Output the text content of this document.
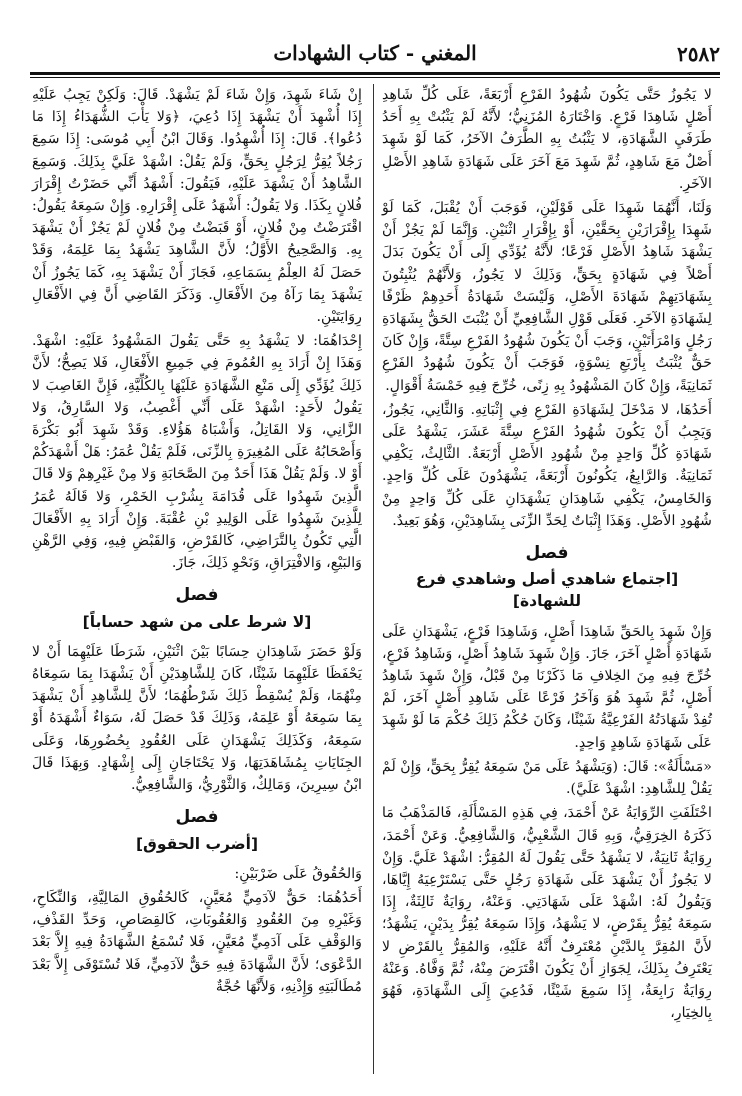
٢٥٨٢
المغني - كتاب الشهادات

لا يَجُوزُ حَتَّى يَكُونَ شُهُودُ الفَرْعِ أَرْبَعَةً، عَلَى كُلِّ شَاهِدِ أَصْلٍ شَاهِدَا فَرْعٍ. وَاخْتَارَهُ المُزَنِيُّ؛ لأَنَّهُ لَمْ يَثْبُتْ بِهِ أَحَدُ طَرَفَيِ الشَّهَادَةِ، لا يَثْبُتُ بِهِ الطَّرَفُ الآخَرُ، كَمَا لَوْ شَهِدَ أَصْلٌ مَعَ شَاهِدٍ، ثُمَّ شَهِدَ مَعَ آخَرَ عَلَى شَهَادَةِ شَاهِدِ الأَصْلِ الآخَرِ.

وَلَنَا، أَنَّهُمَا شَهِدَا عَلَى قَوْلَيْنِ، فَوَجَبَ أَنْ يُقْبَلَ، كَمَا لَوْ شَهِدَا بِإِقْرَارَيْنِ بِحَقَّيْنِ، أَوْ بِإِقْرَارِ اثْنَيْنِ. وَإِنَّمَا لَمْ يَجُزْ أَنْ يَشْهَدَ شَاهِدُ الأَصْلِ فَرْعًا؛ لأَنَّهُ يُؤَدِّي إِلَى أَنْ يَكُونَ بَدَلَ أَصْلاً فِي شَهَادَةٍ بِحَقٍّ، وَذَلِكَ لا يَجُوزُ، وَلأَنَّهُمْ يُثْبِتُونَ بِشَهَادَتِهِمْ شَهَادَةَ الأَصْلِ، وَلَيْسَتْ شَهَادَةُ أَحَدِهِمْ ظَرْفًا لِشَهَادَةِ الآخَرِ. فَعَلَى قَوْلِ الشَّافِعِيِّ أَنْ يُثْبَتَ الحَقُّ بِشَهَادَةِ رَجُلٍ وَامْرَأَتَيْنِ، وَجَبَ أَنْ يَكُونَ شُهُودُ الفَرْعِ سِتَّةً، وَإِنْ كَانَ حَقٌّ يُثْبَتُ بِأَرْبَعِ نِسْوَةٍ، فَوَجَبَ أَنْ يَكُونَ شُهُودُ الفَرْعِ ثَمَانِيَةً، وَإِنْ كَانَ المَشْهُودُ بِهِ زِنًى، خُرِّجَ فِيهِ خَمْسَةُ أَقْوَالٍ.

أَحَدُهَا، لا مَدْخَلَ لِشَهَادَةِ الفَرْعِ فِي إِثْبَاتِهِ. وَالثَّانِي، يَجُوزُ، وَيَجِبُ أَنْ يَكُونَ شُهُودُ الفَرْعِ سِتَّةَ عَشَرَ، يَشْهَدُ عَلَى شَهَادَةِ كُلِّ وَاحِدٍ مِنْ شُهُودِ الأَصْلِ أَرْبَعَةٌ. الثَّالِثُ، يَكْفِي ثَمَانِيَةٌ. وَالرَّابِعُ، يَكُونُونَ أَرْبَعَةً، يَشْهَدُونَ عَلَى كُلِّ وَاحِدٍ. وَالخَامِسُ، يَكْفِي شَاهِدَانِ يَشْهَدَانِ عَلَى كُلِّ وَاحِدٍ مِنْ شُهُودِ الأَصْلِ. وَهَذَا إِثْبَاتٌ لِحَدِّ الزِّنَى بِشَاهِدَيْنِ، وَهُوَ بَعِيدٌ.

فصل
[اجتماع شاهدي أصل وشاهدي فرع للشهادة]

وَإِنْ شَهِدَ بِالحَقِّ شَاهِدَا أَصْلٍ، وَشَاهِدَا فَرْعٍ، يَشْهَدَانِ عَلَى شَهَادَةِ أَصْلٍ آخَرَ، جَازَ. وَإِنْ شَهِدَ شَاهِدُ أَصْلٍ، وَشَاهِدُ فَرْعٍ، خُرِّجَ فِيهِ مِنَ الخِلافِ مَا ذَكَرْنَا مِنْ قَبْلُ، وَإِنْ شَهِدَ شَاهِدُ أَصْلٍ، ثُمَّ شَهِدَ هُوَ وَآخَرُ فَرْعًا عَلَى شَاهِدِ أَصْلٍ آخَرَ، لَمْ تُفِدْ شَهَادَتُهُ الفَرْعِيَّةُ شَيْئًا، وَكَانَ حُكْمُ ذَلِكَ حُكْمَ مَا لَوْ شَهِدَ عَلَى شَهَادَةِ شَاهِدٍ وَاحِدٍ.

«مَسْأَلَةٌ»: قَالَ: (وَيَشْهَدُ عَلَى مَنْ سَمِعَهُ يُقِرُّ بِحَقٍّ، وَإِنْ لَمْ يَقُلْ لِلشَّاهِدِ: اشْهَدْ عَلَيَّ).

اخْتَلَفَتِ الرِّوَايَةُ عَنْ أَحْمَدَ، فِي هَذِهِ المَسْأَلَةِ، فَالمَذْهَبُ مَا ذَكَرَهُ الخِرَقِيُّ، وَبِهِ قَالَ الشَّعْبِيُّ، وَالشَّافِعِيُّ. وَعَنْ أَحْمَدَ، رِوَايَةٌ ثَانِيَةٌ، لا يَشْهَدُ حَتَّى يَقُولَ لَهُ المُقِرُّ: اشْهَدْ عَلَيَّ. وَإِنْ لا يَجُوزُ أَنْ يَشْهَدَ عَلَى شَهَادَةِ رَجُلٍ حَتَّى يَسْتَرْعِيَهُ إِيَّاهَا، وَيَقُولُ لَهُ: اشْهَدْ عَلَى شَهَادَتِي. وَعَنْهُ، رِوَايَةٌ ثَالِثَةٌ، إِذَا سَمِعَهُ يُقِرُّ بِقَرْضٍ، لا يَشْهَدُ، وَإِذَا سَمِعَهُ يُقِرُّ بِدَيْنٍ، يَشْهَدُ؛ لأَنَّ المُقِرَّ بِالدَّيْنِ مُعْتَرِفٌ أَنَّهُ عَلَيْهِ، وَالمُقِرُّ بِالقَرْضِ لا يَعْتَرِفُ بِذَلِكَ، لِجَوَازِ أَنْ يَكُونَ اقْتَرَضَ مِنْهُ، ثُمَّ وَفَّاهُ. وَعَنْهُ رِوَايَةٌ رَابِعَةٌ، إِذَا سَمِعَ شَيْئًا، فَدُعِيَ إِلَى الشَّهَادَةِ، فَهُوَ بِالخِيَارِ،

إِنْ شَاءَ شَهِدَ، وَإِنْ شَاءَ لَمْ يَشْهَدْ. قَالَ: وَلَكِنْ يَجِبُ عَلَيْهِ إِذَا أُشْهِدَ أَنْ يَشْهَدَ إِذَا دُعِيَ، ﴿وَلا يَأْبَ الشُّهَدَاءُ إِذَا مَا دُعُوا﴾. قَالَ: إِذَا أُشْهِدُوا. وَقَالَ ابْنُ أَبِي مُوسَى: إِذَا سَمِعَ رَجُلاً يُقِرُّ لِرَجُلٍ بِحَقٍّ، وَلَمْ يَقُلْ: اشْهَدْ عَلَيَّ بِذَلِكَ. وَسَمِعَ الشَّاهِدُ أَنْ يَشْهَدَ عَلَيْهِ، فَيَقُولَ: أَشْهَدُ أَنِّي حَضَرْتُ إِقْرَارَ فُلانٍ بِكَذَا. وَلا يَقُولُ: أَشْهَدُ عَلَى إِقْرَارِهِ. وَإِنْ سَمِعَهُ يَقُولُ: اقْتَرَضْتُ مِنْ فُلانٍ، أَوْ قَبَضْتُ مِنْ فُلانٍ لَمْ يَجُزْ أَنْ يَشْهَدَ بِهِ. وَالصَّحِيحُ الأَوَّلُ؛ لأَنَّ الشَّاهِدَ يَشْهَدُ بِمَا عَلِمَهُ، وَقَدْ حَصَلَ لَهُ العِلْمُ بِسَمَاعِهِ، فَجَازَ أَنْ يَشْهَدَ بِهِ، كَمَا يَجُوزُ أَنْ يَشْهَدَ بِمَا رَآهُ مِنَ الأَفْعَالِ. وَذَكَرَ القَاضِي أَنَّ فِي الأَفْعَالِ رِوَايَتَيْنِ.

إِحْدَاهُمَا: لا يَشْهَدُ بِهِ حَتَّى يَقُولَ المَشْهُودُ عَلَيْهِ: اشْهَدْ. وَهَذَا إِنْ أَرَادَ بِهِ العُمُومَ فِي جَمِيعِ الأَفْعَالِ، فَلا يَصِحُّ؛ لأَنَّ ذَلِكَ يُؤَدِّي إِلَى مَنْعِ الشَّهَادَةِ عَلَيْهَا بِالكُلِّيَّةِ، فَإِنَّ الغَاصِبَ لا يَقُولُ لأَحَدٍ: اشْهَدْ عَلَى أَنِّي أَغْصِبُ، وَلا السَّارِقُ، وَلا الزَّانِي، وَلا القَاتِلُ، وَأَشْبَاهُ هَؤُلاءِ. وَقَدْ شَهِدَ أَبُو بَكْرَةَ وَأَصْحَابُهُ عَلَى المُغِيرَةِ بِالزِّنَى، فَلَمْ يَقُلْ عُمَرُ: هَلْ أَشْهَدَكُمْ أَوْ لا. وَلَمْ يَقُلْ هَذَا أَحَدٌ مِنَ الصَّحَابَةِ وَلا مِنْ غَيْرِهِمْ وَلا قَالَ الَّذِينَ شَهِدُوا عَلَى قُدَامَةَ بِشُرْبِ الخَمْرِ، وَلا قَالَهُ عُمَرُ لِلَّذِينَ شَهِدُوا عَلَى الوَلِيدِ بْنِ عُقْبَةَ. وَإِنْ أَرَادَ بِهِ الأَفْعَالَ الَّتِي تَكُونُ بِالتَّرَاضِي، كَالقَرْضِ، وَالقَبْضِ فِيهِ، وَفِي الرَّهْنِ وَالبَيْعِ، وَالافْتِرَاقِ، وَنَحْوِ ذَلِكَ، جَازَ.

فصل
[لا شرط على من شهد حساباً]

وَلَوْ حَضَرَ شَاهِدَانِ حِسَابًا بَيْنَ اثْنَيْنِ، شَرَطَا عَلَيْهِمَا أَنْ لا يَحْفَظَا عَلَيْهِمَا شَيْئًا، كَانَ لِلشَّاهِدَيْنِ أَنْ يَشْهَدَا بِمَا سَمِعَاهُ مِنْهُمَا، وَلَمْ يُسْقِطْ ذَلِكَ شَرْطُهُمَا؛ لأَنَّ لِلشَّاهِدِ أَنْ يَشْهَدَ بِمَا سَمِعَهُ أَوْ عَلِمَهُ، وَذَلِكَ قَدْ حَصَلَ لَهُ، سَوَاءٌ أَشْهَدَهُ أَوْ سَمِعَهُ، وَكَذَلِكَ يَشْهَدَانِ عَلَى العُقُودِ بِحُضُورِهَا، وَعَلَى الجِنَايَاتِ بِمُشَاهَدَتِهَا، وَلا يَحْتَاجَانِ إِلَى إِشْهَادٍ. وَبِهَذَا قَالَ ابْنُ سِيرِينَ، وَمَالِكٌ، وَالثَّوْرِيُّ، وَالشَّافِعِيُّ.

فصل
[أضرب الحقوق]

وَالحُقُوقُ عَلَى ضَرْبَيْنِ:

أَحَدُهُمَا: حَقٌّ لآدَمِيٍّ مُعَيَّنٍ، كَالحُقُوقِ المَالِيَّةِ، وَالنِّكَاحِ، وَغَيْرِهِ مِنَ العُقُودِ وَالعُقُوبَاتِ، كَالقِصَاصِ، وَحَدِّ القَذْفِ، وَالوَقْفِ عَلَى آدَمِيٍّ مُعَيَّنٍ، فَلا تُسْمَعُ الشَّهَادَةُ فِيهِ إِلاَّ بَعْدَ الدَّعْوَى؛ لأَنَّ الشَّهَادَةَ فِيهِ حَقٌّ لآدَمِيٍّ، فَلا تُسْتَوْفَى إِلاَّ بَعْدَ مُطَالَبَتِهِ وَإِذْنِهِ، وَلأَنَّهَا حُجَّةٌ
